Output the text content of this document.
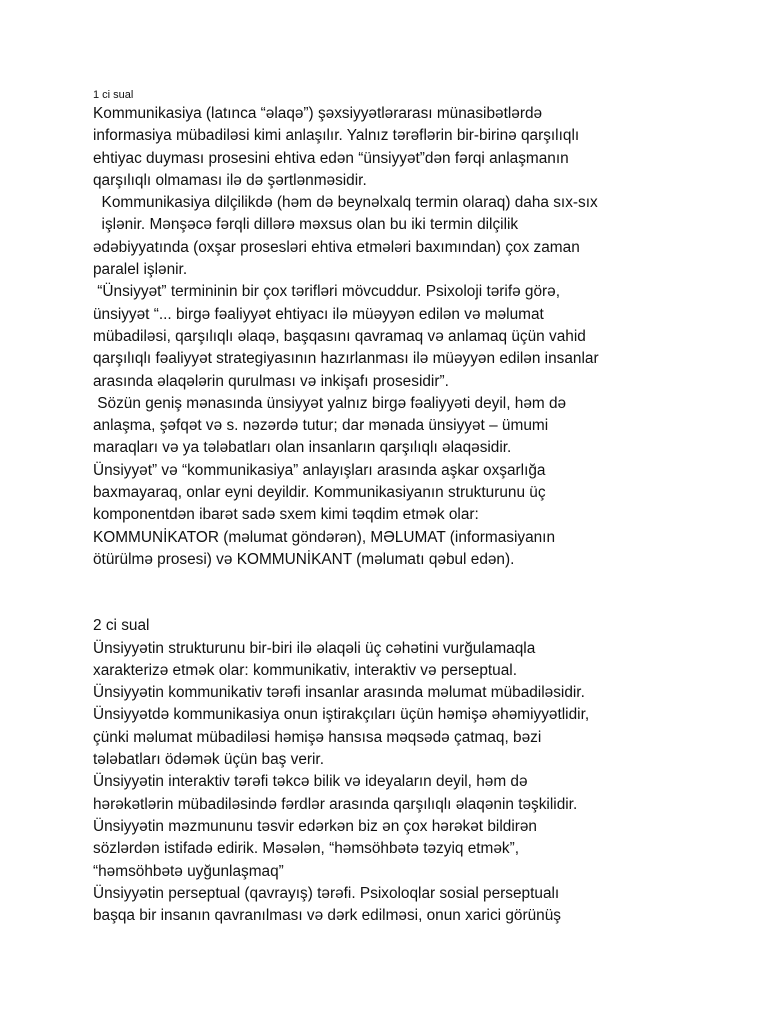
1 ci sual

Kommunikasiya (latınca “əlaqə”) şəxsiyyətlərarası münasibətlərdə

informasiya mübadiləsi kimi anlaşılır. Yalnız tərəflərin bir-birinə qarşılıqlı

ehtiyac duyması prosesini ehtiva edən “ünsiyyət”dən fərqi anlaşmanın

qarşılıqlı olmaması ilə də şərtlənməsidir.

Kommunikasiya dilçilikdə (həm də beynəlxalq termin olaraq) daha sıx-sıx

işlənir. Mənşəcə fərqli dillərə məxsus olan bu iki termin dilçilik

ədəbiyyatında (oxşar prosesləri ehtiva etmələri baxımından) çox zaman

paralel işlənir.

“Ünsiyyət” termininin bir çox tərifləri mövcuddur. Psixoloji tərifə görə,

ünsiyyət “... birgə fəaliyyət ehtiyacı ilə müəyyən edilən və məlumat

mübadiləsi, qarşılıqlı əlaqə, başqasını qavramaq və anlamaq üçün vahid

qarşılıqlı fəaliyyət strategiyasının hazırlanması ilə müəyyən edilən insanlar

arasında əlaqələrin qurulması və inkişafı prosesidir”.

Sözün geniş mənasında ünsiyyət yalnız birgə fəaliyyəti deyil, həm də

anlaşma, şəfqət və s. nəzərdə tutur; dar mənada ünsiyyət – ümumi

maraqları və ya tələbatları olan insanların qarşılıqlı əlaqəsidir.

Ünsiyyət” və “kommunikasiya” anlayışları arasında aşkar oxşarlığa

baxmayaraq, onlar eyni deyildir. Kommunikasiyanın strukturunu üç

komponentdən ibarət sadə sxem kimi təqdim etmək olar:

KOMMUNİKATOR (məlumat göndərən), MƏLUMAT (informasiyanın

ötürülmə prosesi) və KOMMUNİKANT (məlumatı qəbul edən).

2 ci sual

Ünsiyyətin strukturunu bir-biri ilə əlaqəli üç cəhətini vurğulamaqla

xarakterizə etmək olar: kommunikativ, interaktiv və perseptual.

Ünsiyyətin kommunikativ tərəfi insanlar arasında məlumat mübadiləsidir.

Ünsiyyətdə kommunikasiya onun iştirakçıları üçün həmişə əhəmiyyətlidir,

çünki məlumat mübadiləsi həmişə hansısa məqsədə çatmaq, bəzi

tələbatları ödəmək üçün baş verir.

Ünsiyyətin interaktiv tərəfi təkcə bilik və ideyaların deyil, həm də

hərəkətlərin mübadiləsində fərdlər arasında qarşılıqlı əlaqənin təşkilidir.

Ünsiyyətin məzmununu təsvir edərkən biz ən çox hərəkət bildirən

sözlərdən istifadə edirik. Məsələn, “həmsöhbətə təzyiq etmək”,

“həmsöhbətə uyğunlaşmaq”

Ünsiyyətin perseptual (qavrayış) tərəfi. Psixoloqlar sosial perseptualı

başqa bir insanın qavranılması və dərk edilməsi, onun xarici görünüş
